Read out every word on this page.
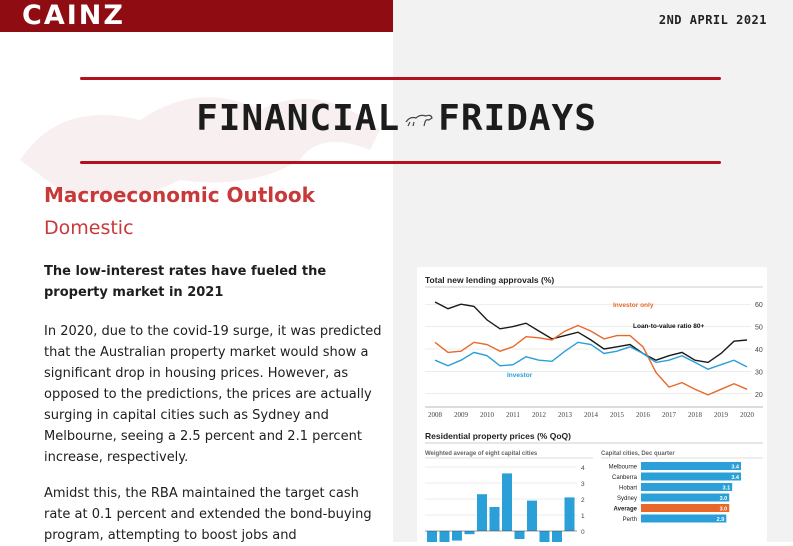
CAINZ	2ND APRIL 2021
FINANCIAL FRIDAYS
Macroeconomic Outlook
Domestic
The low-interest rates have fueled the property market in 2021
In 2020, due to the covid-19 surge, it was predicted that the Australian property market would show a significant drop in housing prices. However, as opposed to the predictions, the prices are actually surging in capital cities such as Sydney and Melbourne, seeing a 2.5 percent and 2.1 percent increase, respectively.
Amidst this, the RBA maintained the target cash rate at 0.1 percent and extended the bond-buying program, attempting to boost jobs and
Total new lending approvals (%)
60
50
40
30
20
2008 2009 2010 2011 2012 2013 2014 2015 2016 2017 2018 2019 2020
Investor only
Loan-to-value ratio 80+
Investor
Residential property prices (% QoQ)
Weighted average of eight capital cities
4
3
2
1
0
Capital cities, Dec quarter
Melbourne	3.4
Canberra	3.4
Hobart	3.1
Sydney	3.0
Average	3.0
Perth	2.9
